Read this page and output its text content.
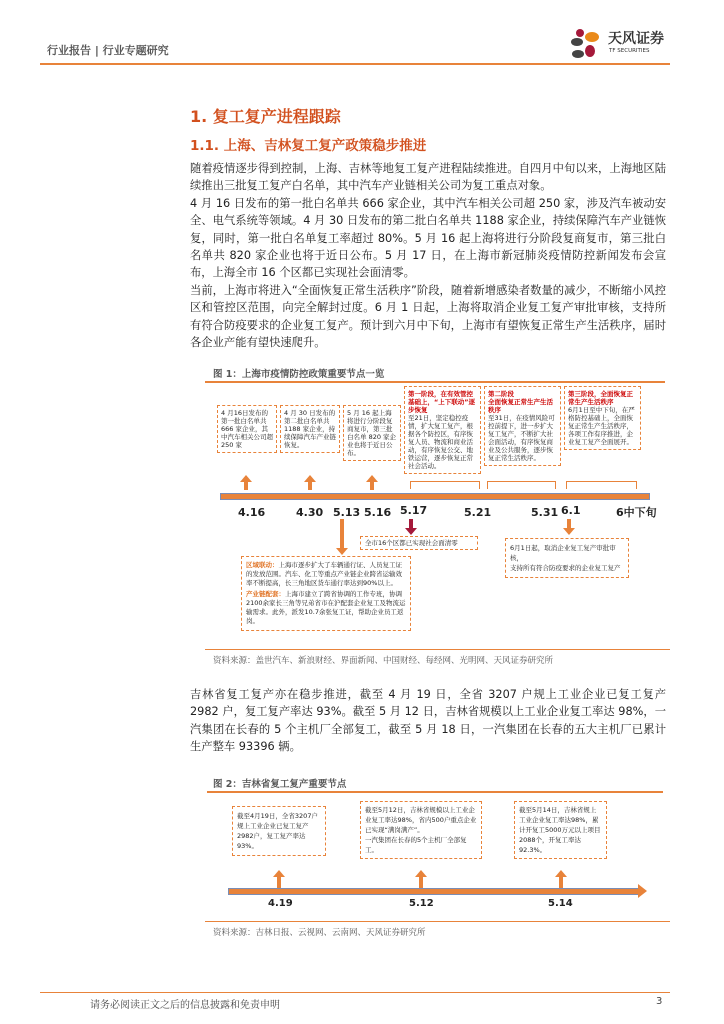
行业报告 | 行业专题研究
天风证券
TF SECURITIES
1. 复工复产进程跟踪
1.1. 上海、吉林复工复产政策稳步推进
随着疫情逐步得到控制，上海、吉林等地复工复产进程陆续推进。自四月中旬以来，上海地区陆续推出三批复工复产白名单，其中汽车产业链相关公司为复工重点对象。
4 月 16 日发布的第一批白名单共 666 家企业，其中汽车相关公司超 250 家，涉及汽车被动安全、电气系统等领域。4 月 30 日发布的第二批白名单共 1188 家企业，持续保障汽车产业链恢复，同时，第一批白名单复工率超过 80%。5 月 16 起上海将进行分阶段复商复市，第三批白名单共 820 家企业也将于近日公布。5 月 17 日，在上海市新冠肺炎疫情防控新闻发布会宣布，上海全市 16 个区都已实现社会面清零。
当前，上海市将进入“全面恢复正常生活秩序”阶段，随着新增感染者数量的减少，不断缩小风控区和管控区范围，向完全解封过度。6 月 1 日起，上海将取消企业复工复产审批审核，支持所有符合防疫要求的企业复工复产。预计到六月中下旬，上海市有望恢复正常生产生活秩序，届时各企业产能有望快速爬升。
图 1：上海市疫情防控政策重要节点一览
4 月16日发布的第一批白名单共 666 家企业，其中汽车相关公司超 250 家
4 月 30 日发布的第二批白名单共 1188 家企业，持续保障汽车产业链恢复。
5 月 16 起上海将进行分阶段复商复市，第三批白名单 820 家企业也将于近日公布。
第一阶段，在有效管控基础上，“上下联动”逐步恢复
至21日，坚定稳控疫情，扩大复工复产，根据各个防控区，有序恢复人员、物流和商业活动，有序恢复公交、地铁运营，逐步恢复正常社会活动。
第二阶段
全面恢复正常生产生活秩序
至31日，在疫情风险可控前提下，进一步扩大复工复产，不断扩大社会面活动，有序恢复商业及公共服务，逐步恢复正常生活秩序。
第三阶段，全面恢复正常生产生活秩序
6月1日至中下旬，在严格防控基础上，全面恢复正常生产生活秩序，各项工作有序推进，企业复工复产全面展开。
4.16	4.30 5.13 5.16 5.17	5.21	5.31 6.1	6中下旬
全市16个区都已实现社会面清零
6月1日起，取消企业复工复产审批审核，
支持所有符合防疫要求的企业复工复产
区域联动：上海市逐步扩大了车辆通行证、人员复工证的发放范围。汽车、化工等重点产业链企业跨省运输效率不断提高，长三角地区货车通行率达到90%以上。
产业链配套：上海市建立了跨省协调的工作专班，协调2100余家长三角等兄弟省市在沪配套企业复工及物流运输需求。此外，派发10.7余张复工证，帮助企业员工返岗。
资料来源：盖世汽车、新浪财经、界面新闻、中国财经、每经网、光明网、天风证券研究所
吉林省复工复产亦在稳步推进，截至 4 月 19 日，全省 3207 户规上工业企业已复工复产 2982 户，复工复产率达 93%。截至 5 月 12 日，吉林省规模以上工业企业复工率达 98%，一汽集团在长春的 5 个主机厂全部复工，截至 5 月 18 日，一汽集团在长春的五大主机厂已累计生产整车 93396 辆。
图 2：吉林省复工复产重要节点
截至4月19日，全省3207户规上工业企业已复工复产2982户，复工复产率达93%。
截至5月12日，吉林省规模以上工业企业复工率达98%，省内500户重点企业已实现“满岗满产”。
一汽集团在长春的5个主机厂全部复工。
截至5月14日，吉林省规上工业企业复工率达98%，累计开复工5000万元以上项目2088个，开复工率达92.3%。
4.19	5.12	5.14
资料来源：吉林日报、云视网、云南网、天风证券研究所
请务必阅读正文之后的信息披露和免责申明	3
